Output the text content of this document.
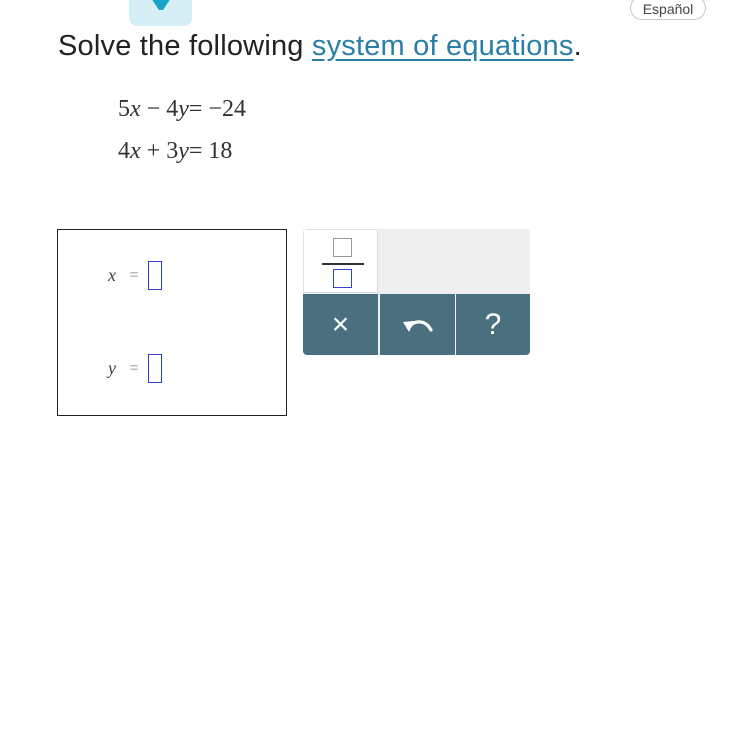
Español
Solve the following system of equations.
5x − 4y= −24
4x + 3y= 18
x =
y =
×	?
